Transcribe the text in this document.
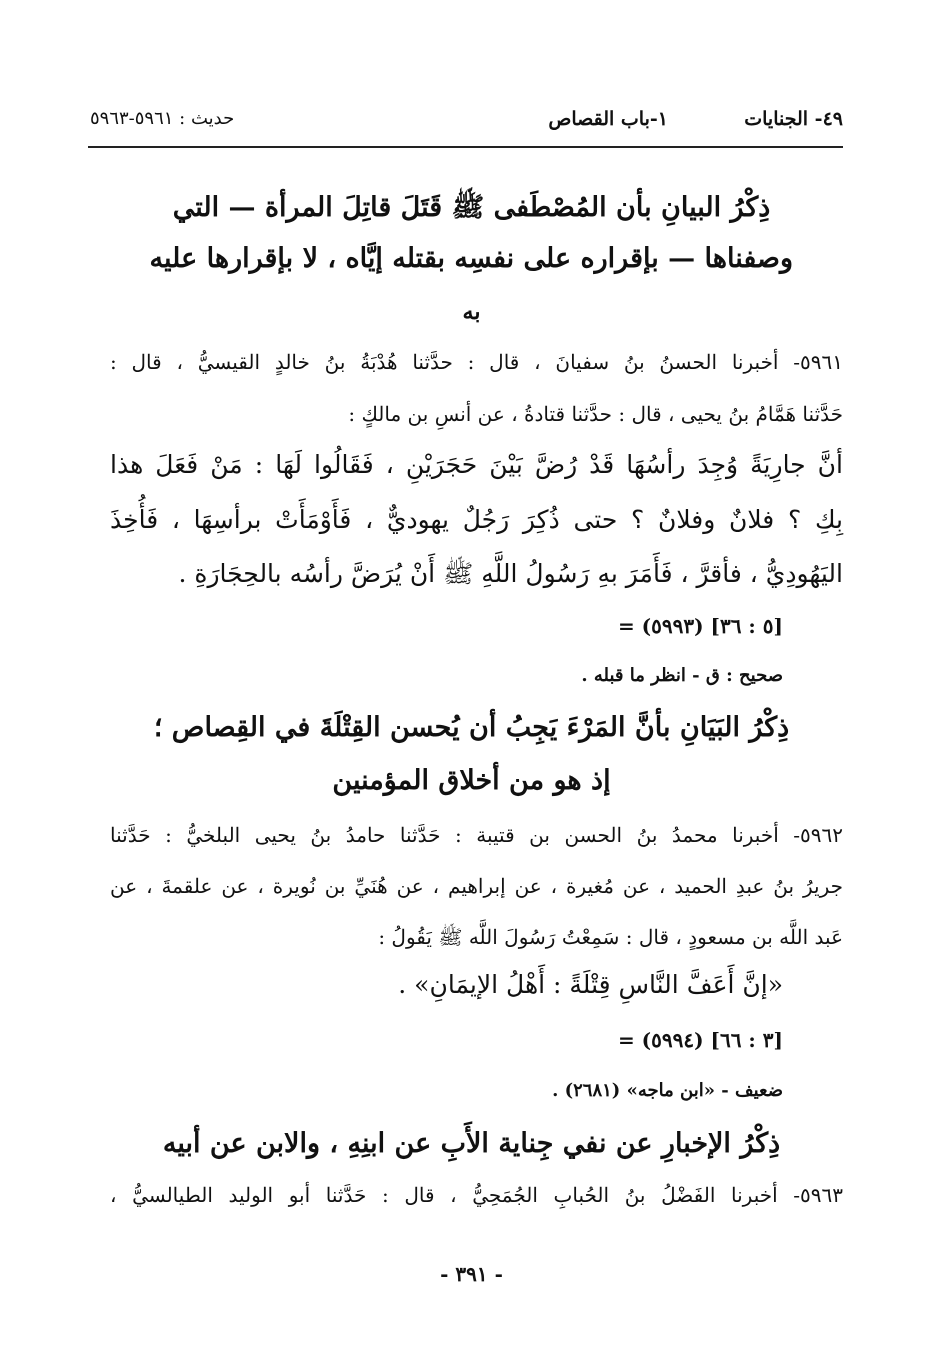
٤٩- الجنايات
١-باب القصاص
حديث : ٥٩٦١-٥٩٦٣
ذِكْرُ البيانِ بأن المُصْطَفى ﷺ قَتَلَ قاتِلَ المرأة — التي
وصفناها — بإقراره على نفسِه بقتله إيَّاه ، لا بإقرارها عليه
به
٥٩٦١- أخبرنا الحسنُ بنُ سفيانَ ، قال : حدَّثنا هُدْبَةُ بنُ خالدٍ القيسيُّ ، قال :
حَدَّثنا هَمَّامُ بنُ يحيى ، قال : حدَّثنا قتادةُ ، عن أنسِ بن مالكٍ :
أنَّ جارِيَةً وُجِدَ رأسُهَا قَدْ رُضَّ بَيْنَ حَجَرَيْنِ ، فَقَالُوا لَهَا : مَنْ فَعَلَ هذا
بِكِ ؟ فلانٌ وفلانٌ ؟ حتى ذُكِرَ رَجُلٌ يهوديٌّ ، فَأَوْمَأَتْ برأسِهَا ، فَأُخِذَ
اليَهُودِيُّ ، فأقرَّ ، فَأَمَرَ بهِ رَسُولُ اللَّهِ ﷺ أَنْ يُرَضَّ رأسُه بالحِجَارَةِ .
= (٥٩٩٣) [٥ : ٣٦]
صحيح : ق - انظر ما قبله .
ذِكْرُ البَيَانِ بأنَّ المَرْءَ يَجِبُ أن يُحسن القِتْلَةَ في القِصاص ؛
إذ هو من أخلاق المؤمنين
٥٩٦٢- أخبرنا محمدُ بنُ الحسن بن قتيبة : حَدَّثنا حامدُ بنُ يحيى البلخيُّ : حَدَّثنا
جريرُ بنُ عبدِ الحميد ، عن مُغيرة ، عن إبراهيم ، عن هُنَيِّ بن نُويرة ، عن علقمةَ ، عن
عَبد اللَّه بن مسعودٍ ، قال : سَمِعْتُ رَسُولَ اللَّه ﷺ يَقُولُ :
«إنَّ أَعَفَّ النَّاسِ قِتْلَةً : أَهْلُ الإيمَانِ» .
= (٥٩٩٤) [٣ : ٦٦]
ضعيف - «ابن ماجه» (٢٦٨١) .
ذِكْرُ الإخبارِ عن نفي جِناية الأَبِ عن ابنِهِ ، والابن عن أبيه
٥٩٦٣- أخبرنا الفَضْلُ بنُ الحُبابِ الجُمَحِيُّ ، قال : حَدَّثنا أبو الوليد الطيالسيُّ ،
- ٣٩١ -
